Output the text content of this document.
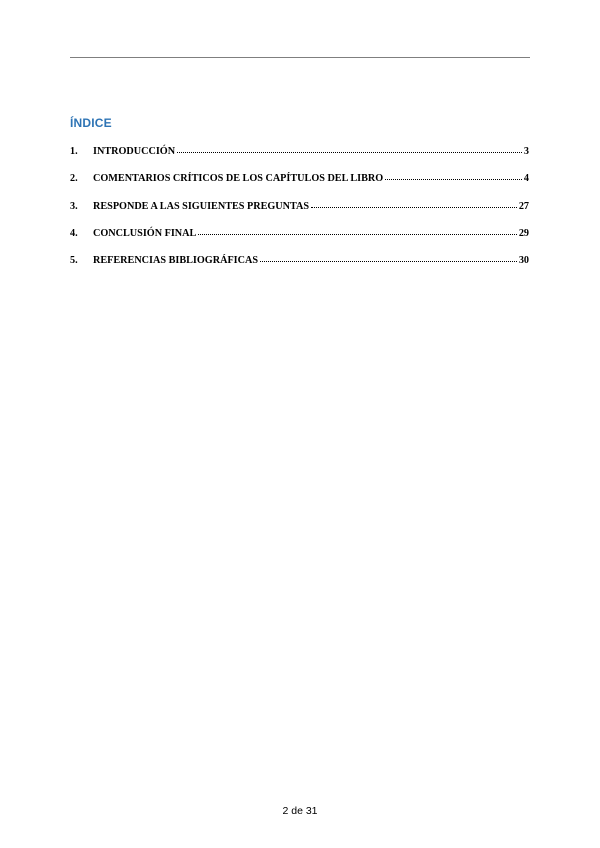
ÍNDICE
1.	INTRODUCCIÓN	3
2.	COMENTARIOS CRÍTICOS DE LOS CAPÍTULOS DEL LIBRO	4
3.	RESPONDE A LAS SIGUIENTES PREGUNTAS	27
4.	CONCLUSIÓN FINAL	29
5.	REFERENCIAS BIBLIOGRÁFICAS	30
2 de 31
